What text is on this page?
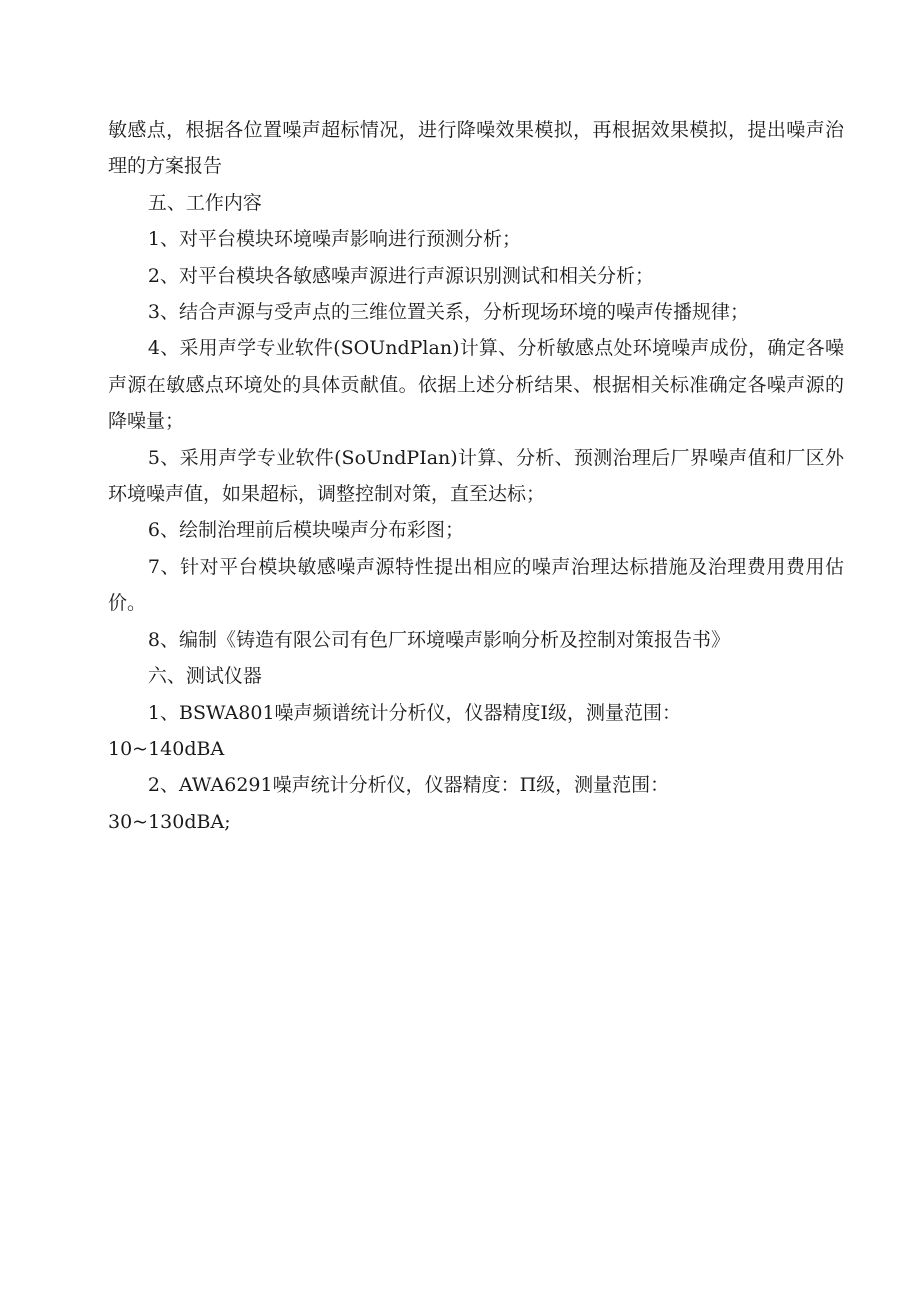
敏感点，根据各位置噪声超标情况，进行降噪效果模拟，再根据效果模拟，提出噪声治理的方案报告

五、工作内容

1、对平台模块环境噪声影响进行预测分析；

2、对平台模块各敏感噪声源进行声源识别测试和相关分析；

3、结合声源与受声点的三维位置关系，分析现场环境的噪声传播规律；

4、采用声学专业软件(SOUndPlan)计算、分析敏感点处环境噪声成份，确定各噪声源在敏感点环境处的具体贡献值。依据上述分析结果、根据相关标准确定各噪声源的降噪量；

5、采用声学专业软件(SoUndPIan)计算、分析、预测治理后厂界噪声值和厂区外环境噪声值，如果超标，调整控制对策，直至达标；

6、绘制治理前后模块噪声分布彩图；

7、针对平台模块敏感噪声源特性提出相应的噪声治理达标措施及治理费用费用估价。

8、编制《铸造有限公司有色厂环境噪声影响分析及控制对策报告书》

六、测试仪器

1、BSWA801噪声频谱统计分析仪，仪器精度I级，测量范围：

10~140dBA

2、AWA6291噪声统计分析仪，仪器精度：Π级，测量范围：

30~130dBA;
